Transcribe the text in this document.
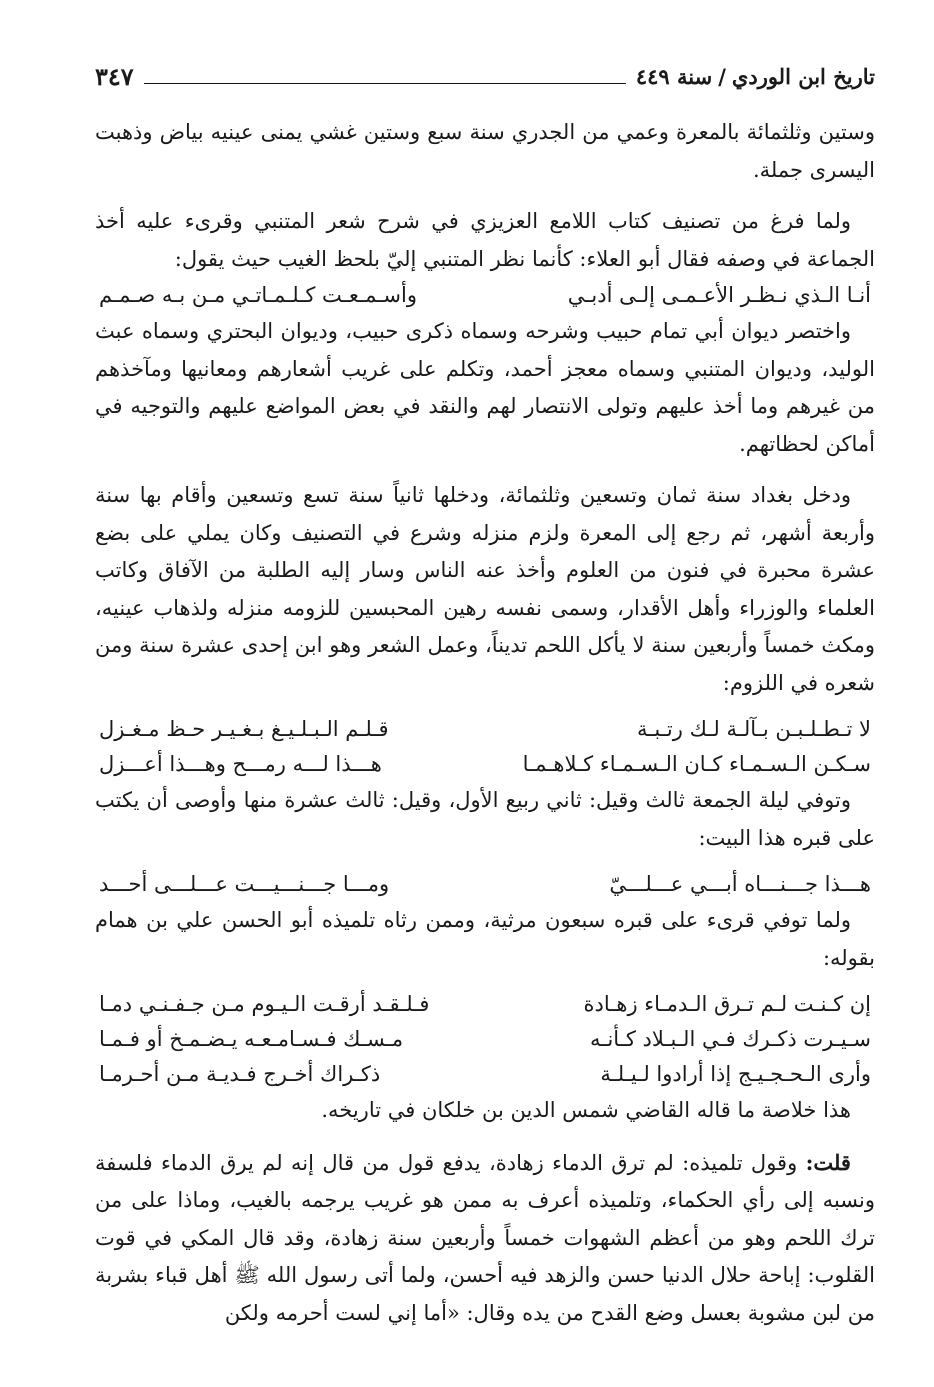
تاريخ ابن الوردي
/
سنة ٤٤٩
٣٤٧

وستين وثلثمائة بالمعرة وعمي من الجدري سنة سبع وستين غشي يمنى عينيه بياض وذهبت اليسرى جملة.

ولما فرغ من تصنيف كتاب اللامع العزيزي في شرح شعر المتنبي وقرىء عليه أخذ الجماعة في وصفه فقال أبو العلاء: كأنما نظر المتنبي إليّ بلحظ الغيب حيث يقول:

أنـا الـذي نـظـر الأعـمـى إلـى أدبـي
وأسـمـعـت كـلـمـاتـي مـن بـه صـمـم

واختصر ديوان أبي تمام حبيب وشرحه وسماه ذكرى حبيب، وديوان البحتري وسماه عبث الوليد، وديوان المتنبي وسماه معجز أحمد، وتكلم على غريب أشعارهم ومعانيها ومآخذهم من غيرهم وما أخذ عليهم وتولى الانتصار لهم والنقد في بعض المواضع عليهم والتوجيه في أماكن لحظاتهم.

ودخل بغداد سنة ثمان وتسعين وثلثمائة، ودخلها ثانياً سنة تسع وتسعين وأقام بها سنة وأربعة أشهر، ثم رجع إلى المعرة ولزم منزله وشرع في التصنيف وكان يملي على بضع عشرة محبرة في فنون من العلوم وأخذ عنه الناس وسار إليه الطلبة من الآفاق وكاتب العلماء والوزراء وأهل الأقدار، وسمى نفسه رهين المحبسين للزومه منزله ولذهاب عينيه، ومكث خمساً وأربعين سنة لا يأكل اللحم تديناً، وعمل الشعر وهو ابن إحدى عشرة سنة ومن شعره في اللزوم:

لا تـطـلـبـن بـآلـة لـك رتـبـة
قـلـم الـبـلـيـغ بـغـيـر حـظ مـغـزل
سـكـن الـسـمـاء كـان الـسـمـاء كـلاهـمـا
هـــذا لـــه رمـــح وهـــذا أعـــزل

وتوفي ليلة الجمعة ثالث وقيل: ثاني ربيع الأول، وقيل: ثالث عشرة منها وأوصى أن يكتب على قبره هذا البيت:

هـــذا جـــنـــاه أبـــي عـــلـــيّ
ومـــا جـــنـــيـــت عـــلـــى أحـــد

ولما توفي قرىء على قبره سبعون مرثية، وممن رثاه تلميذه أبو الحسن علي بن همام بقوله:

إن كـنـت لـم تـرق الـدمـاء زهـادة
فـلـقـد أرقـت الـيـوم مـن جـفـنـي دمـا
سـيـرت ذكـرك فـي الـبـلاد كـأنـه
مـسـك فـسـامـعـه يـضـمـخ أو فـمـا
وأرى الـحـجـيـج إذا أرادوا لـيـلـة
ذكـراك أخـرج فـديـة مـن أحـرمـا

هذا خلاصة ما قاله القاضي شمس الدين بن خلكان في تاريخه.

قلت: وقول تلميذه: لم ترق الدماء زهادة، يدفع قول من قال إنه لم يرق الدماء فلسفة ونسبه إلى رأي الحكماء، وتلميذه أعرف به ممن هو غريب يرجمه بالغيب، وماذا على من ترك اللحم وهو من أعظم الشهوات خمساً وأربعين سنة زهادة، وقد قال المكي في قوت القلوب: إباحة حلال الدنيا حسن والزهد فيه أحسن، ولما أتى رسول الله ﷺ أهل قباء بشربة من لبن مشوبة بعسل وضع القدح من يده وقال: «أما إني لست أحرمه ولكن
